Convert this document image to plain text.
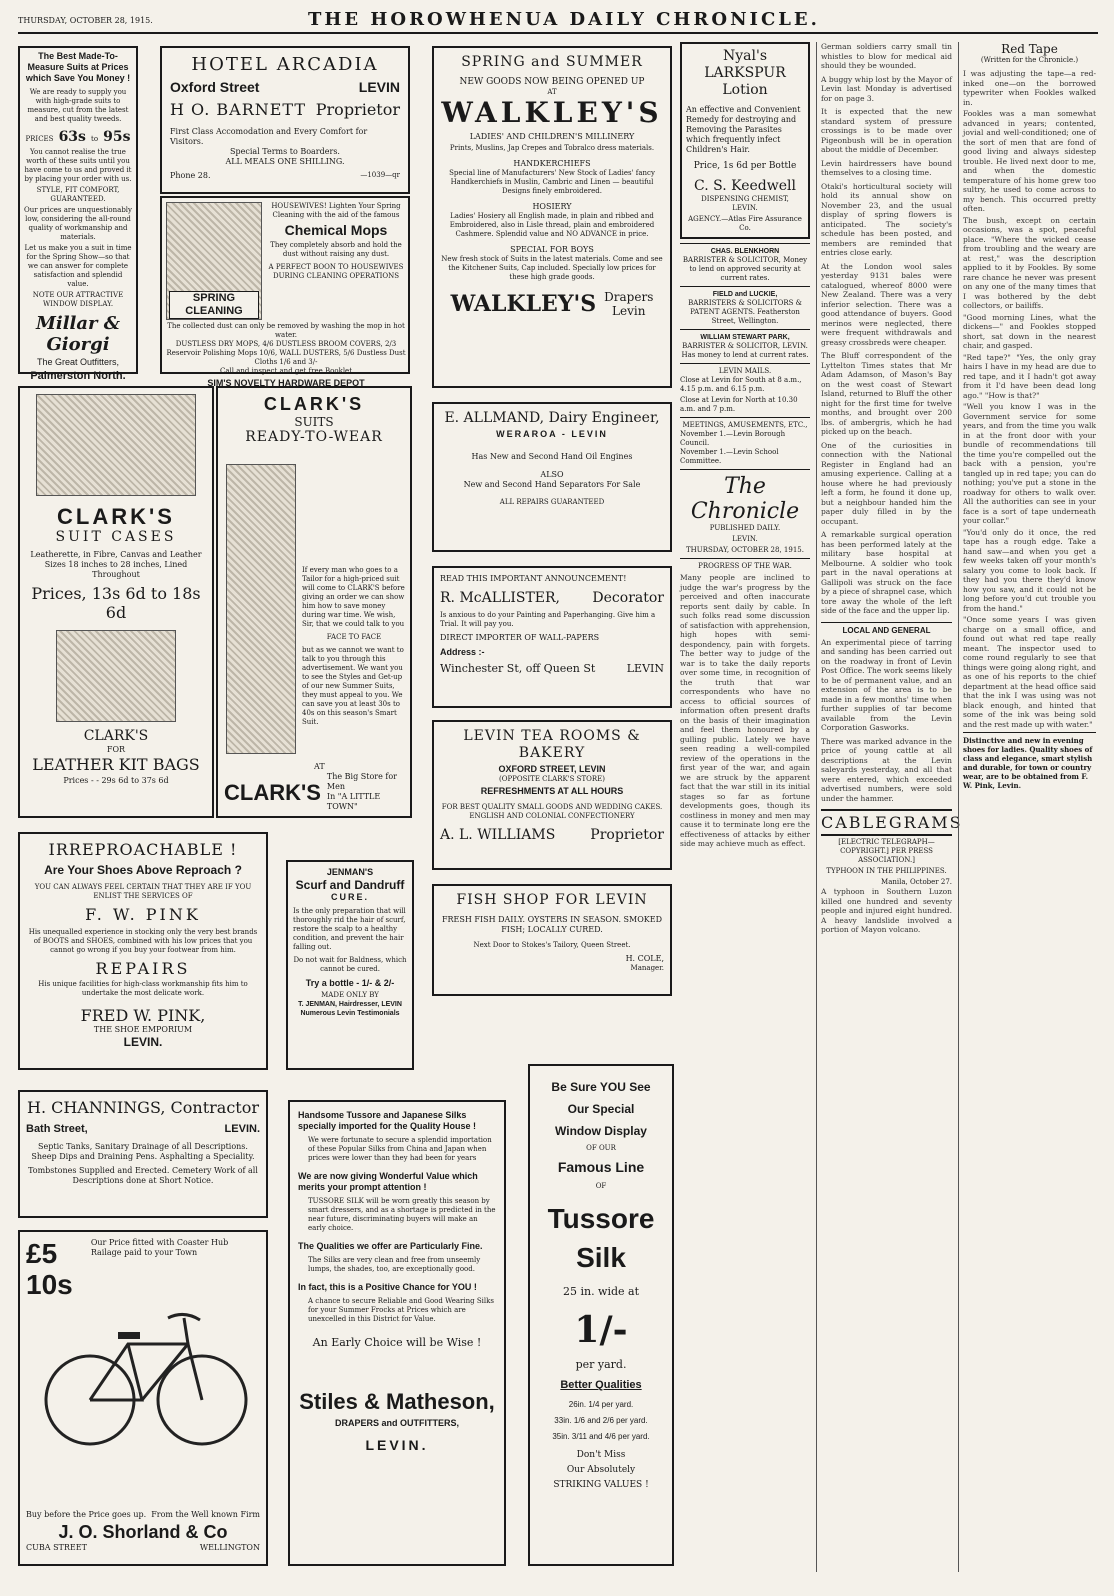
THURSDAY, OCTOBER 28, 1915.	THE HOROWHENUA DAILY CHRONICLE.
The Best Made-To-Measure Suits at Prices which Save You Money !
We are ready to supply you with high-grade suits to measure, cut from the latest and best quality tweeds.
PRICES 63s to 95s
You cannot realise the true worth of these suits until you have come to us and proved it by placing your order with us.
STYLE, FIT COMFORT, GUARANTEED.
Our prices are unquestionably low, considering the all-round quality of workmanship and materials.
Let us make you a suit in time for the Spring Show—so that we can answer for complete satisfaction and splendid value.
NOTE OUR ATTRACTIVE WINDOW DISPLAY.
Millar & Giorgi
The Great Outfitters,
Palmerston North.
HOTEL ARCADIA
Oxford Street	LEVIN
H O. BARNETT Proprietor
First Class Accomodation and Every Comfort for Visitors.
Special Terms to Boarders.
ALL MEALS ONE SHILLING.
Phone 28.	—1039—qr
SPRING CLEANING
HOUSEWIVES! Lighten Your Spring Cleaning with the aid of the famous
Chemical Mops
They completely absorb and hold the dust without raising any dust.
A PERFECT BOON TO HOUSEWIVES DURING CLEANING OPERATIONS
The collected dust can only be removed by washing the mop in hot water.
DUSTLESS DRY MOPS, 4/6 DUSTLESS BROOM COVERS, 2/3 Reservoir Polishing Mops 10/6, WALL DUSTERS, 5/6 Dustless Dust Cloths 1/6 and 3/-
Call and inspect and get free Booklet
SIM'S NOVELTY HARDWARE DEPOT
SPRING and SUMMER
NEW GOODS NOW BEING OPENED UP
AT
WALKLEY'S
LADIES' AND CHILDREN'S MILLINERY
Prints, Muslins, Jap Crepes and Tobralco dress materials.
HANDKERCHIEFS
Special line of Manufacturers' New Stock of Ladies' fancy Handkerchiefs in Muslin, Cambric and Linen — beautiful Designs finely embroidered.
HOSIERY
Ladies' Hosiery all English made, in plain and ribbed and Embroidered, also in Lisle thread, plain and embroidered Cashmere. Splendid value and NO ADVANCE in price.
SPECIAL FOR BOYS
New fresh stock of Suits in the latest materials. Come and see the Kitchener Suits, Cap included. Specially low prices for these high grade goods.
WALKLEY'S Drapers
Levin
E. ALLMAND, Dairy Engineer,
WERAROA - LEVIN
Has New and Second Hand Oil Engines
ALSO
New and Second Hand Separators For Sale
ALL REPAIRS GUARANTEED
READ THIS IMPORTANT ANNOUNCEMENT!
R. McALLISTER, Decorator
Is anxious to do your Painting and Paperhanging. Give him a Trial. It will pay you.
DIRECT IMPORTER OF WALL-PAPERS
Address :-
Winchester St, off Queen St	LEVIN
LEVIN TEA ROOMS & BAKERY
OXFORD STREET, LEVIN
(OPPOSITE CLARK'S STORE)
REFRESHMENTS AT ALL HOURS
FOR BEST QUALITY SMALL GOODS AND WEDDING CAKES. ENGLISH AND COLONIAL CONFECTIONERY
A. L. WILLIAMS Proprietor
FISH SHOP FOR LEVIN
FRESH FISH DAILY. OYSTERS IN SEASON. SMOKED FISH; LOCALLY CURED.
Next Door to Stokes's Tailory, Queen Street.
H. COLE,
Manager.
CLARK'S
SUIT CASES
Leatherette, in Fibre, Canvas and Leather Sizes 18 inches to 28 inches, Lined Throughout
Prices, 13s 6d to 18s 6d
CLARK'S
FOR
LEATHER KIT BAGS
Prices - - 29s 6d to 37s 6d
CLARK'S
SUITS
READY-TO-WEAR
If every man who goes to a Tailor for a high-priced suit will come to CLARK'S before giving an order we can show him how to save money during war time. We wish, Sir, that we could talk to you
FACE TO FACE
but as we cannot we want to talk to you through this advertisement. We want you to see the Styles and Get-up of our new Summer Suits, they must appeal to you. We can save you at least 30s to 40s on this season's Smart Suit.
AT
CLARK'S
The Big Store for Men
In "A LITTLE TOWN"
IRREPROACHABLE !
Are Your Shoes Above Reproach ?
YOU CAN ALWAYS FEEL CERTAIN THAT THEY ARE IF YOU ENLIST THE SERVICES OF
F. W. PINK
His unequalled experience in stocking only the very best brands of BOOTS and SHOES, combined with his low prices that you cannot go wrong if you buy your footwear from him.
REPAIRS
His unique facilities for high-class workmanship fits him to undertake the most delicate work.
FRED W. PINK,
THE SHOE EMPORIUM
LEVIN.
JENMAN'S
Scurf and Dandruff
CURE.
Is the only preparation that will thoroughly rid the hair of scurf, restore the scalp to a healthy condition, and prevent the hair falling out.
Do not wait for Baldness, which cannot be cured.
Try a bottle - 1/- & 2/-
MADE ONLY BY
T. JENMAN, Hairdresser, LEVIN
Numerous Levin Testimonials
Handsome Tussore and Japanese Silks specially imported for the Quality House !
We were fortunate to secure a splendid importation of these Popular Silks from China and Japan when prices were lower than they had been for years
We are now giving Wonderful Value which merits your prompt attention !
TUSSORE SILK will be worn greatly this season by smart dressers, and as a shortage is predicted in the near future, discriminating buyers will make an early choice.
The Qualities we offer are Particularly Fine.
The Silks are very clean and free from unseemly lumps, the shades, too, are exceptionally good.
In fact, this is a Positive Chance for YOU !
A chance to secure Reliable and Good Wearing Silks for your Summer Frocks at Prices which are unexcelled in this District for Value.
An Early Choice will be Wise !
Stiles & Matheson,
DRAPERS and OUTFITTERS,
LEVIN.
Be Sure YOU See
Our Special
Window Display
OF OUR
Famous Line
OF
Tussore
Silk
25 in. wide at
1/-
per yard.
Better Qualities
26in. 1/4 per yard.
33in. 1/6 and 2/6 per yard.
35in. 3/11 and 4/6 per yard.
Don't Miss
Our Absolutely
STRIKING VALUES !
H. CHANNINGS, Contractor
Bath Street,	LEVIN.
Septic Tanks, Sanitary Drainage of all Descriptions. Sheep Dips and Draining Pens. Asphalting a Speciality.
Tombstones Supplied and Erected. Cemetery Work of all Descriptions done at Short Notice.
£5 10s
Our Price fitted with Coaster Hub Railage paid to your Town
Buy before the Price goes up. From the Well known Firm
J. O. Shorland & Co
CUBA STREET	WELLINGTON
Nyal's
LARKSPUR
Lotion
An effective and Convenient Remedy for destroying and Removing the Parasites which frequently infect Children's Hair.
Price, 1s 6d per Bottle
C. S. Keedwell
DISPENSING CHEMIST,
LEVIN.
AGENCY.—Atlas Fire Assurance Co.
CHAS. BLENKHORN
BARRISTER & SOLICITOR, Money to lend on approved security at current rates.
FIELD and LUCKIE,
BARRISTERS & SOLICITORS & PATENT AGENTS. Featherston Street, Wellington.
WILLIAM STEWART PARK,
BARRISTER & SOLICITOR, LEVIN. Has money to lend at current rates.
LEVIN MAILS.
Close at Levin for South at 8 a.m., 4.15 p.m. and 6.15 p.m.
Close at Levin for North at 10.30 a.m. and 7 p.m.
MEETINGS, AMUSEMENTS, ETC.,
November 1.—Levin Borough Council.
November 1.—Levin School Committee.
The Chronicle
PUBLISHED DAILY.
LEVIN.
THURSDAY, OCTOBER 28, 1915.
PROGRESS OF THE WAR.
Many people are inclined to judge the war's progress by the perceived and often inaccurate reports sent daily by cable. In such folks read some discussion of satisfaction with apprehension, high hopes with semi-despondency, pain with forgets. The better way to judge of the war is to take the daily reports over some time, in recognition of the truth that war correspondents who have no access to official sources of information often present drafts on the basis of their imagination and feel them honoured by a gulling public. Lately we have seen reading a well-compiled review of the operations in the first year of the war, and again we are struck by the apparent fact that the war still in its initial stages so far as fortune developments goes, though its costliness in money and men may cause it to terminate long ere the effectiveness of attacks by either side may achieve much as effect.
German soldiers carry small tin whistles to blow for medical aid should they be wounded.
A buggy whip lost by the Mayor of Levin last Monday is advertised for on page 3.
It is expected that the new standard system of pressure crossings is to be made over Pigeonbush will be in operation about the middle of December.
Levin hairdressers have bound themselves to a closing time.
Otaki's horticultural society will hold its annual show on November 23, and the usual display of spring flowers is anticipated. The society's schedule has been posted, and members are reminded that entries close early.
At the London wool sales yesterday 9131 bales were catalogued, whereof 8000 were New Zealand. There was a very inferior selection. There was a good attendance of buyers. Good merinos were neglected, there were frequent withdrawals and greasy crossbreds were cheaper.
The Bluff correspondent of the Lyttelton Times states that Mr Adam Adamson, of Mason's Bay on the west coast of Stewart Island, returned to Bluff the other night for the first time for twelve months, and brought over 200 lbs. of ambergris, which he had picked up on the beach.
One of the curiosities in connection with the National Register in England had an amusing experience. Calling at a house where he had previously left a form, he found it done up, but a neighbour handed him the paper duly filled in by the occupant.
A remarkable surgical operation has been performed lately at the military base hospital at Melbourne. A soldier who took part in the naval operations at Gallipoli was struck on the face by a piece of shrapnel case, which tore away the whole of the left side of the face and the upper lip.
LOCAL AND GENERAL
An experimental piece of tarring and sanding has been carried out on the roadway in front of Levin Post Office. The work seems likely to be of permanent value, and an extension of the area is to be made in a few months' time when further supplies of tar become available from the Levin Corporation Gasworks.
There was marked advance in the price of young cattle at all descriptions at the Levin saleyards yesterday, and all that were entered, which exceeded advertised numbers, were sold under the hammer.
CABLEGRAMS
[ELECTRIC TELEGRAPH—COPYRIGHT.] PER PRESS ASSOCIATION.]
TYPHOON IN THE PHILIPPINES.
Manila, October 27.
A typhoon in Southern Luzon killed one hundred and seventy people and injured eight hundred. A heavy landslide involved a portion of Mayon volcano.
Red Tape
(Written for the Chronicle.)
I was adjusting the tape—a red-inked one—on the borrowed typewriter when Fookles walked in.
Fookles was a man somewhat advanced in years; contented, jovial and well-conditioned; one of the sort of men that are fond of good living and always sidestep trouble. He lived next door to me, and when the domestic temperature of his home grew too sultry, he used to come across to my bench. This occurred pretty often.
The bush, except on certain occasions, was a spot, peaceful place. "Where the wicked cease from troubling and the weary are at rest," was the description applied to it by Fookles. By some rare chance he never was present on any one of the many times that I was bothered by the debt collectors, or bailiffs.
"Good morning Lines, what the dickens—" and Fookles stopped short, sat down in the nearest chair, and gasped.
"Red tape?" "Yes, the only gray hairs I have in my head are due to red tape, and it I hadn't got away from it I'd have been dead long ago." "How is that?"
"Well you know I was in the Government service for some years, and from the time you walk in at the front door with your bundle of recommendations till the time you're compelled out the back with a pension, you're tangled up in red tape; you can do nothing; you've put a stone in the roadway for others to walk over. All the authorities can see in your face is a sort of tape underneath your collar."
"You'd only do it once, the red tape has a rough edge. Take a hand saw—and when you get a few weeks taken off your month's salary you come to look back. If they had you there they'd know how you saw, and it could not be long before you'd cut trouble you from the hand."
"Once some years I was given charge on a small office, and found out what red tape really meant. The inspector used to come round regularly to see that things were going along right, and as one of his reports to the chief department at the head office said that the ink I was using was not black enough, and hinted that some of the ink was being sold and the rest made up with water."
Distinctive and new in evening shoes for ladies. Quality shoes of class and elegance, smart stylish and durable, for town or country wear, are to be obtained from F. W. Pink, Levin.
